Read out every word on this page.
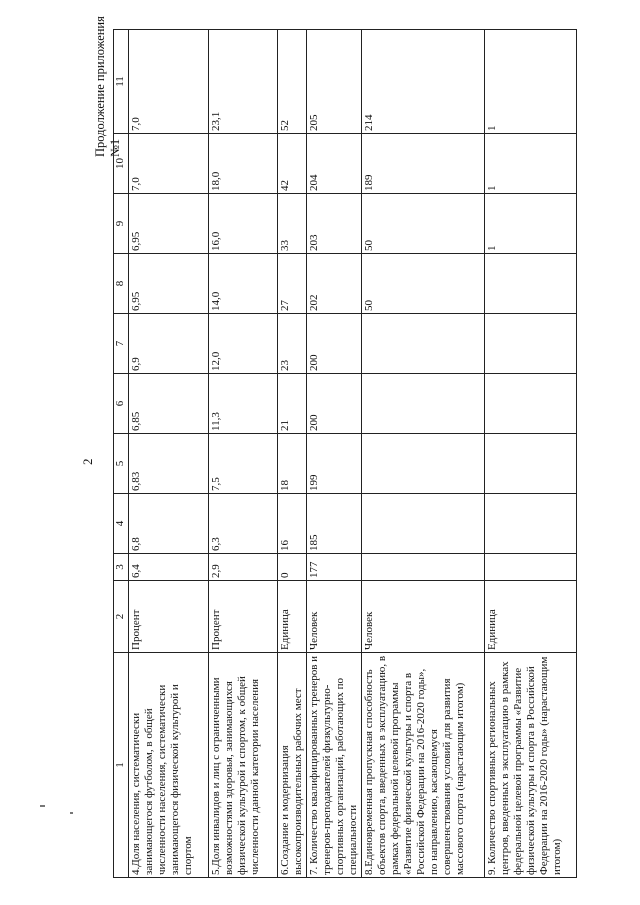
2
Продолжение приложения №1
1	2	3	4	5	6	7	8	9	10	11
4.Доля населения, систематически занимающегося футболом, в общей численности населения, систематически занимающегося физической культурой и спортом	Процент	6,4	6,8	6,83	6,85	6,9	6,95	6,95	7,0	7,0
5.Доля инвалидов и лиц с ограниченными возможностями здоровья, занимающихся физической культурой и спортом, к общей численности данной категории населения	Процент	2,9	6,3	7,5	11,3	12,0	14,0	16,0	18,0	23,1
6.Создание и модернизация высокопроизводительных рабочих мест	Единица	0	16	18	21	23	27	33	42	52
7. Количество квалифицированных тренеров и тренеров-преподавателей физкультурно-спортивных организаций, работающих по специальности	Человек	177	185	199	200	200	202	203	204	205
8.Единовременная пропускная способность объектов спорта, введенных в эксплуатацию, в рамках федеральной целевой программы «Развитие физической культуры и спорта в Российской Федерации на 2016-2020 годы», по направлению, касающемуся совершенствования условий для развития массового спорта (нарастающим итогом)	Человек						50	50	189	214
9. Количество спортивных региональных центров, введенных в эксплуатацию в рамках федеральной целевой программы «Развитие физической культуры и спорта в Российской Федерации на 2016-2020 годы» (нарастающим итогом)	Единица							1	1	1
